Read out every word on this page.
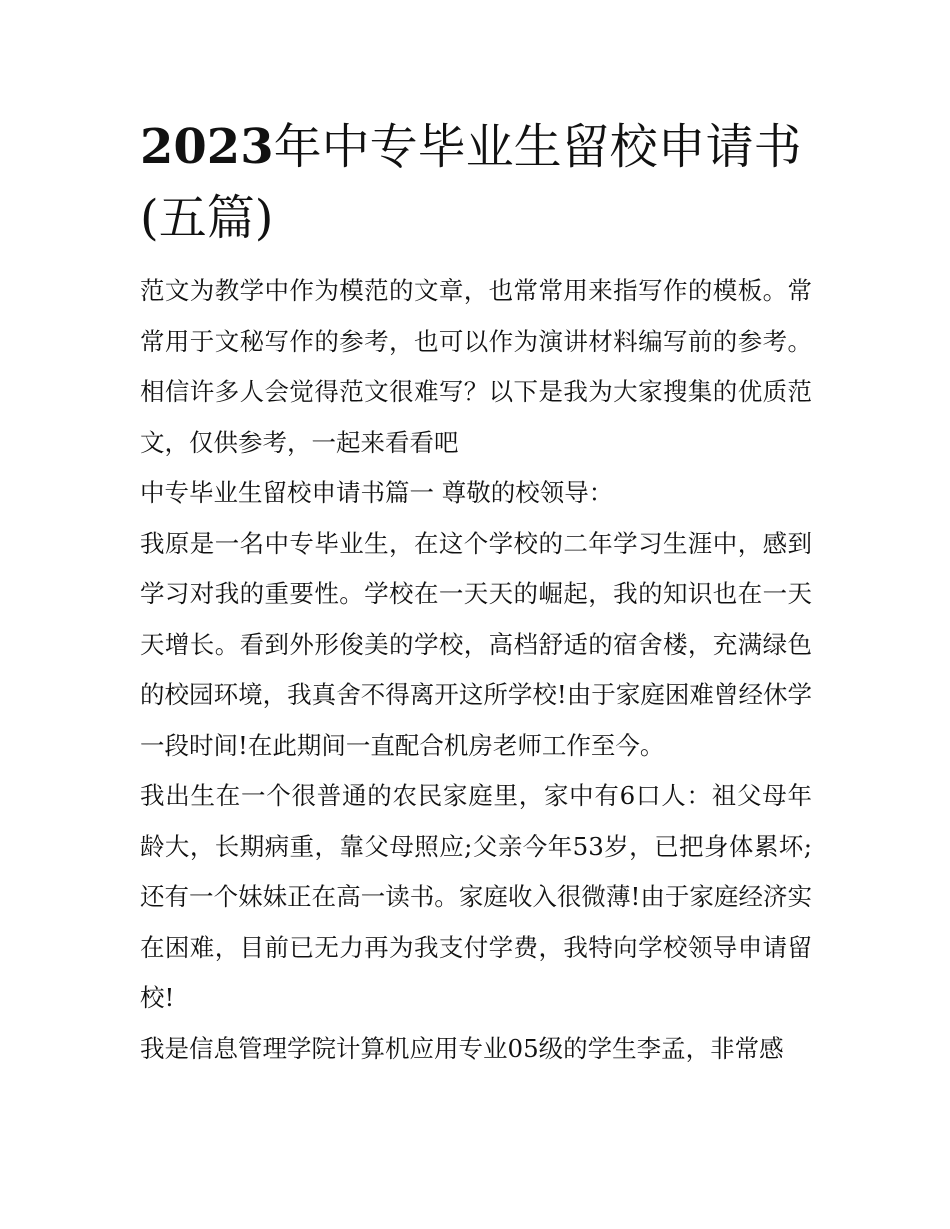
2023年中专毕业生留校申请书(五篇)

范文为教学中作为模范的文章，也常常用来指写作的模板。常常用于文秘写作的参考，也可以作为演讲材料编写前的参考。相信许多人会觉得范文很难写？以下是我为大家搜集的优质范文，仅供参考，一起来看看吧

中专毕业生留校申请书篇一 尊敬的校领导：

我原是一名中专毕业生，在这个学校的二年学习生涯中，感到学习对我的重要性。学校在一天天的崛起，我的知识也在一天天增长。看到外形俊美的学校，高档舒适的宿舍楼，充满绿色的校园环境，我真舍不得离开这所学校!由于家庭困难曾经休学一段时间!在此期间一直配合机房老师工作至今。

我出生在一个很普通的农民家庭里，家中有6口人：祖父母年龄大，长期病重，靠父母照应;父亲今年53岁，已把身体累坏;还有一个妹妹正在高一读书。家庭收入很微薄!由于家庭经济实在困难，目前已无力再为我支付学费，我特向学校领导申请留校!

我是信息管理学院计算机应用专业05级的学生李孟，非常感
